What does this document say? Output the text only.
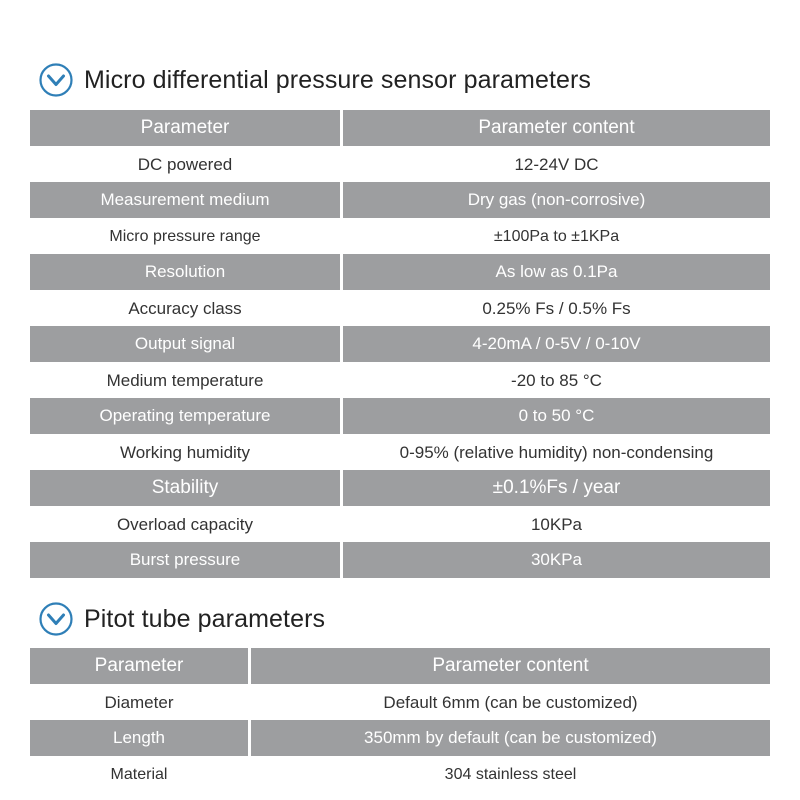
Micro differential pressure sensor parameters
Parameter	Parameter content
DC powered	12-24V DC
Measurement medium	Dry gas (non-corrosive)
Micro pressure range	±100Pa to ±1KPa
Resolution	As low as 0.1Pa
Accuracy class	0.25% Fs / 0.5% Fs
Output signal	4-20mA / 0-5V / 0-10V
Medium temperature	-20 to 85 °C
Operating temperature	0 to 50 °C
Working humidity	0-95% (relative humidity) non-condensing
Stability	±0.1%Fs / year
Overload capacity	10KPa
Burst pressure	30KPa
Pitot tube parameters
Parameter	Parameter content
Diameter	Default 6mm (can be customized)
Length	350mm by default (can be customized)
Material	304 stainless steel
